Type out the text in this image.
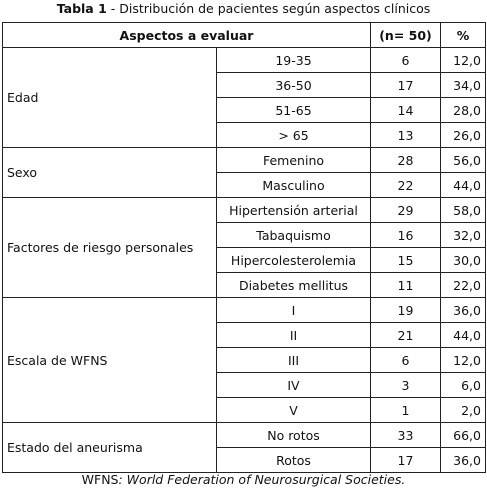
Tabla 1 - Distribución de pacientes según aspectos clínicos
Aspectos a evaluar		(n= 50)	%
Edad	19-35	6	12,0
	36-50	17	34,0
	51-65	14	28,0
	> 65	13	26,0
Sexo	Femenino	28	56,0
	Masculino	22	44,0
Factores de riesgo personales	Hipertensión arterial	29	58,0
	Tabaquismo	16	32,0
	Hipercolesterolemia	15	30,0
	Diabetes mellitus	11	22,0
Escala de WFNS	I	19	36,0
	II	21	44,0
	III	6	12,0
	IV	3	6,0
	V	1	2,0
Estado del aneurisma	No rotos	33	66,0
	Rotos	17	36,0
WFNS: World Federation of Neurosurgical Societies.
